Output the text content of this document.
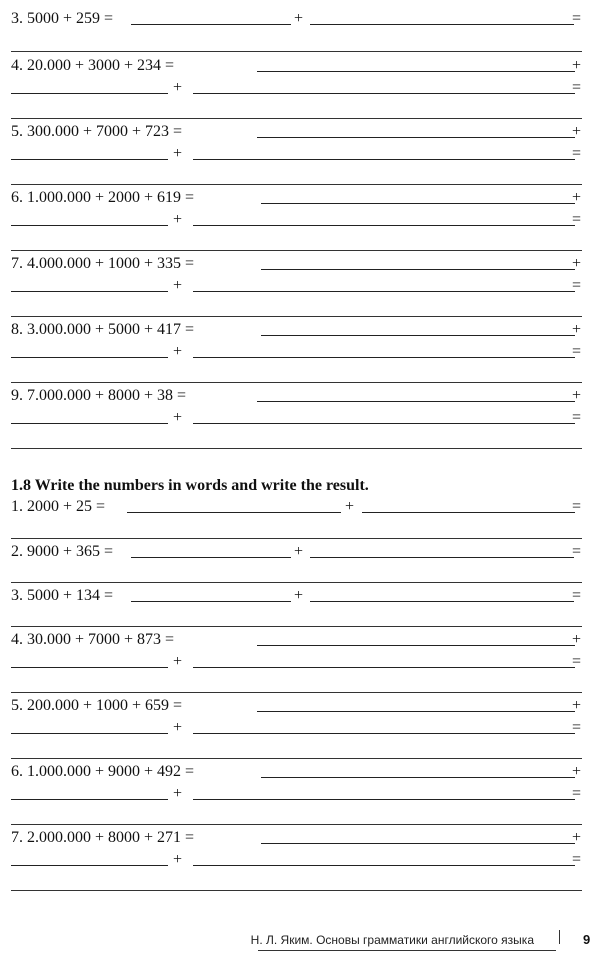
3. 5000 + 259 =	+	=
4. 20.000 + 3000 + 234 =	+
+	=
5. 300.000 + 7000 + 723 =	+
+	=
6. 1.000.000 + 2000 + 619 =	+
+	=
7. 4.000.000 + 1000 + 335 =	+
+	=
8. 3.000.000 + 5000 + 417 =	+
+	=
9. 7.000.000 + 8000 + 38 =	+
+	=
1.8 Write the numbers in words and write the result.
1. 2000 + 25 =	+	=
2. 9000 + 365 =	+	=
3. 5000 + 134 =	+	=
4. 30.000 + 7000 + 873 =	+
+	=
5. 200.000 + 1000 + 659 =	+
+	=
6. 1.000.000 + 9000 + 492 =	+
+	=
7. 2.000.000 + 8000 + 271 =	+
+	=
Н. Л. Яким. Основы грамматики английского языка	9
